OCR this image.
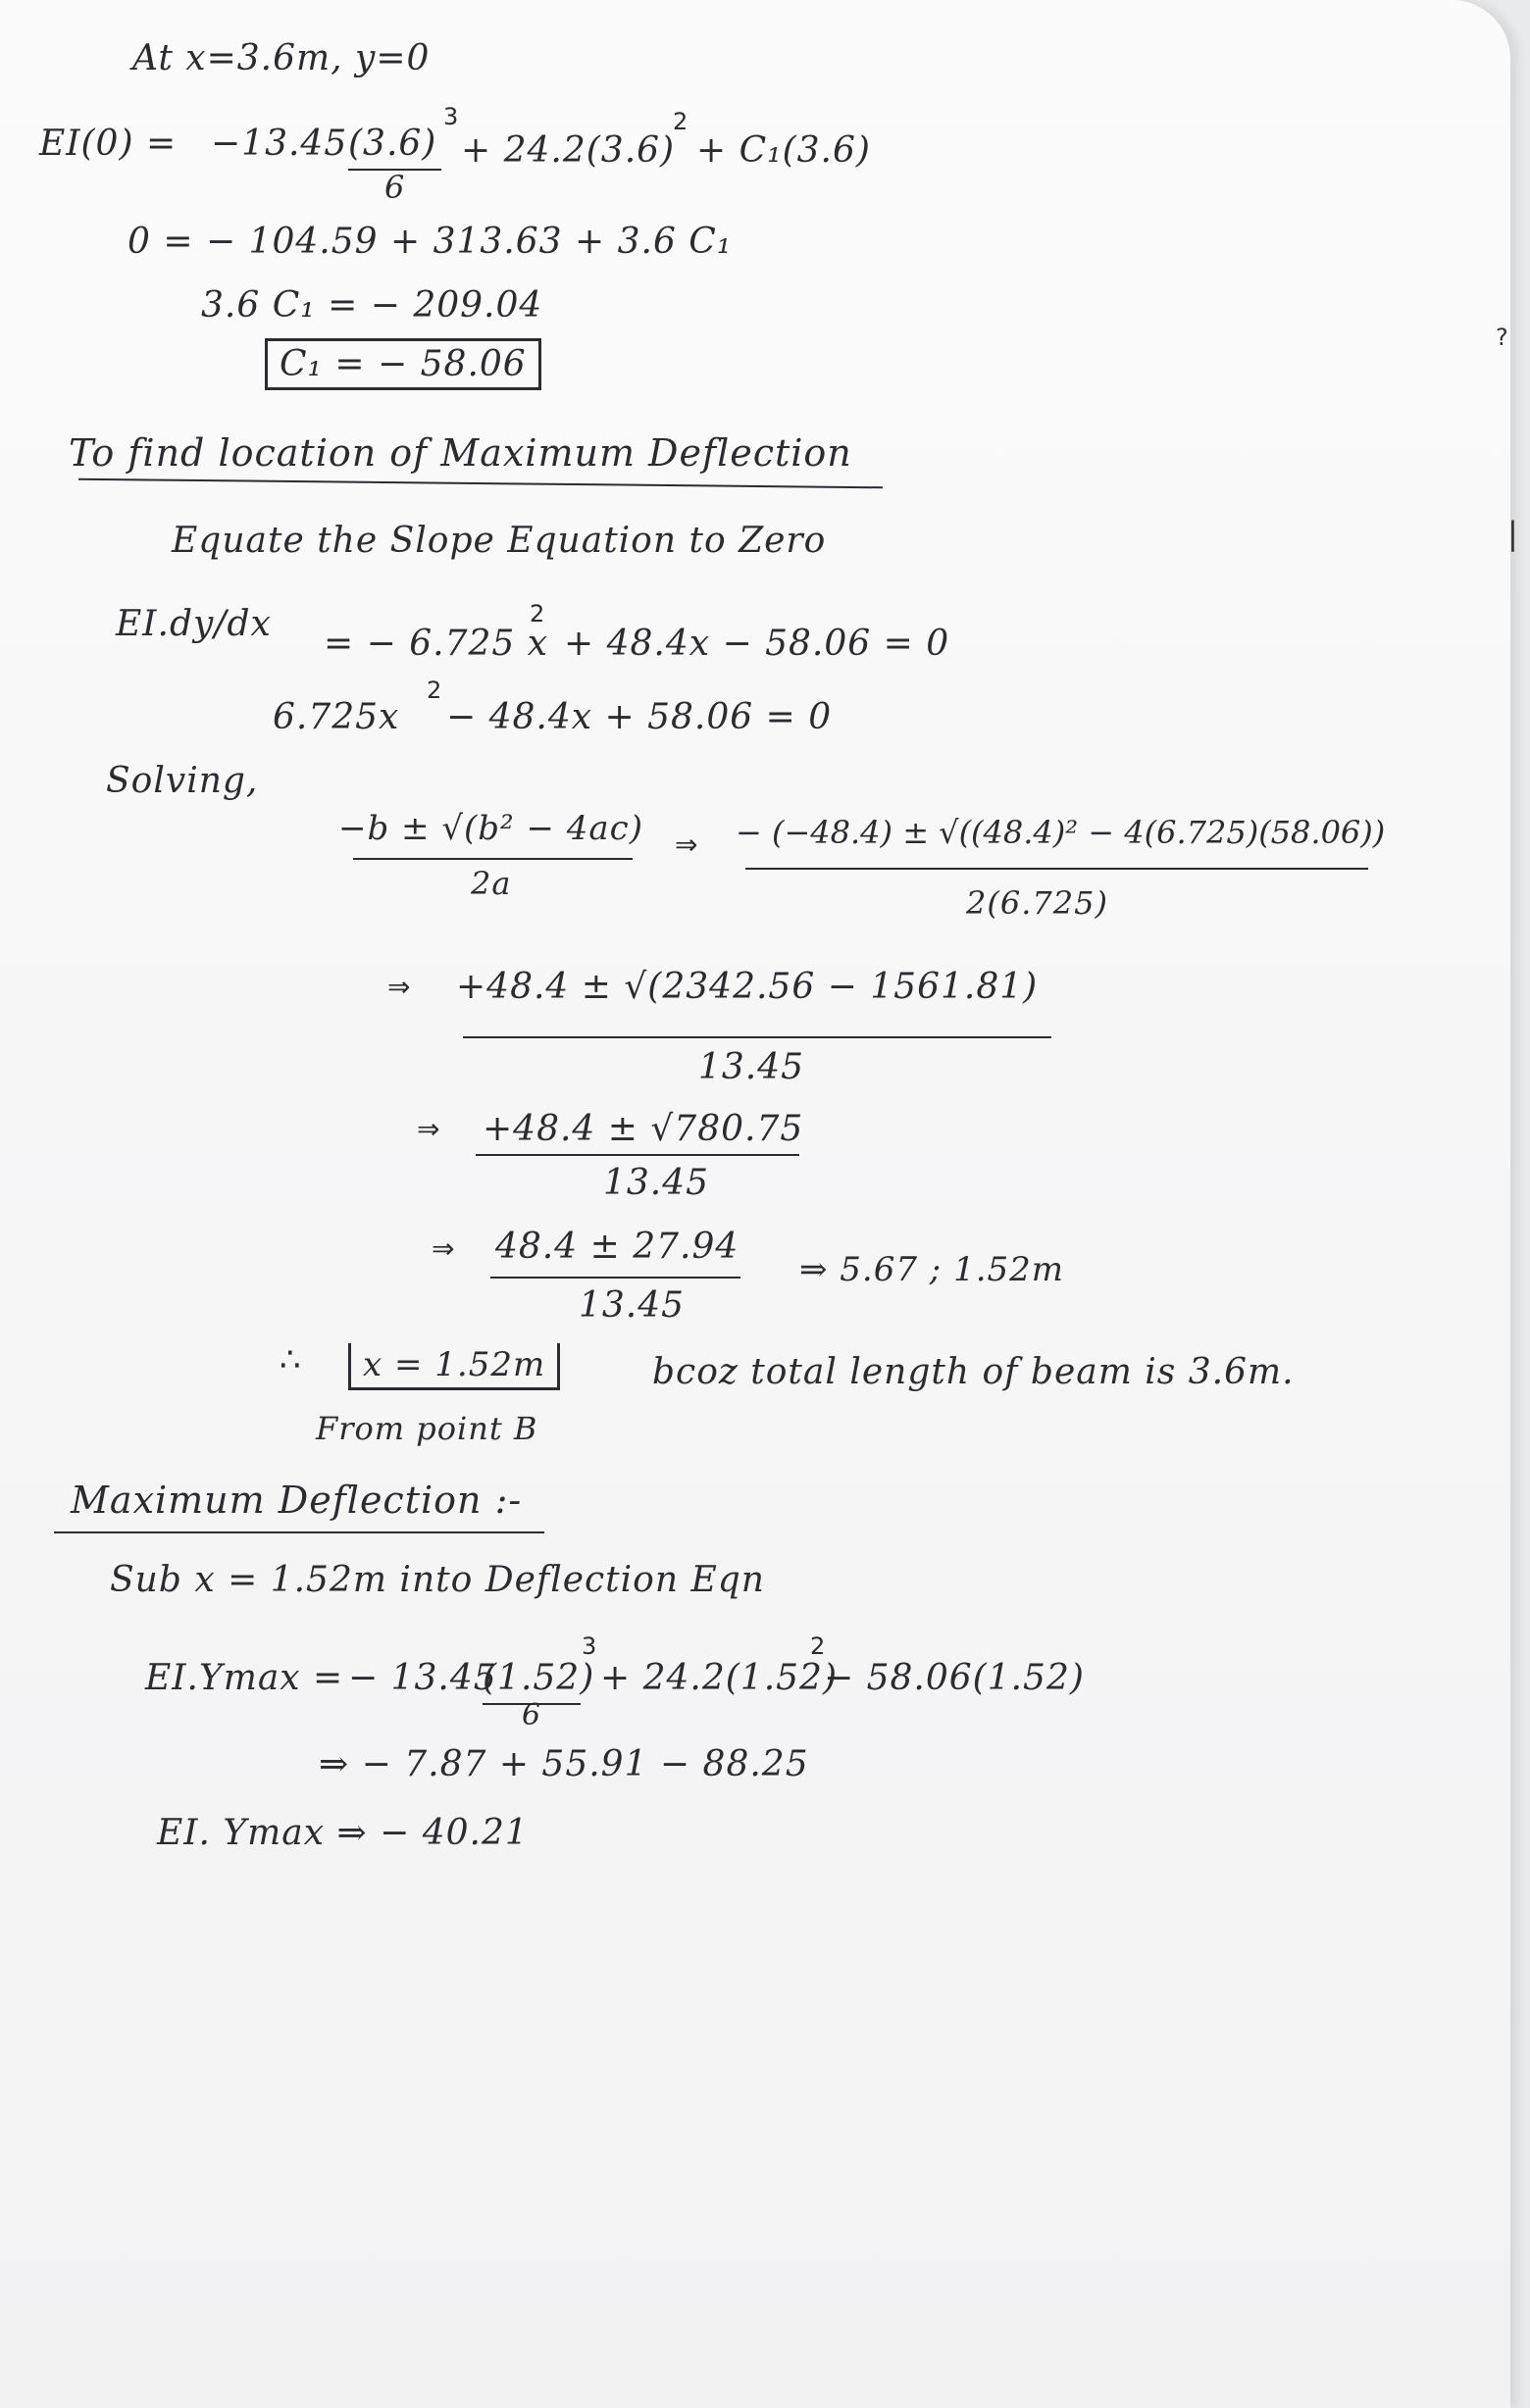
?
|
At x=3.6m, y=0
EI(0) = −13.45 (3.6)
3
6
+ 24.2(3.6)
2
+ C₁(3.6)
0 = − 104.59 + 313.63 + 3.6 C₁
3.6 C₁ = − 209.04
C₁ = − 58.06
To find location of Maximum Deflection
Equate the Slope Equation to Zero
EI.dy/dx = − 6.725 x
2
+ 48.4x − 58.06 = 0
6.725x
2
− 48.4x + 58.06 = 0
Solving,
−b ± √(b² − 4ac)
2a
⇒ − (−48.4) ± √((48.4)² − 4(6.725)(58.06))
2(6.725)
⇒ +48.4 ± √(2342.56 − 1561.81)
13.45
⇒ +48.4 ± √780.75
13.45
⇒ 48.4 ± 27.94
13.45
⇒ 5.67 ; 1.52m
∴	x = 1.52m	bcoz total length of beam is 3.6m.
From point B
Maximum Deflection :-
Sub x = 1.52m into Deflection Eqn
EI.Ymax = − 13.45
(1.52)
3
6
+ 24.2(1.52)
2
− 58.06(1.52)
⇒ − 7.87 + 55.91 − 88.25
EI. Ymax ⇒ − 40.21
